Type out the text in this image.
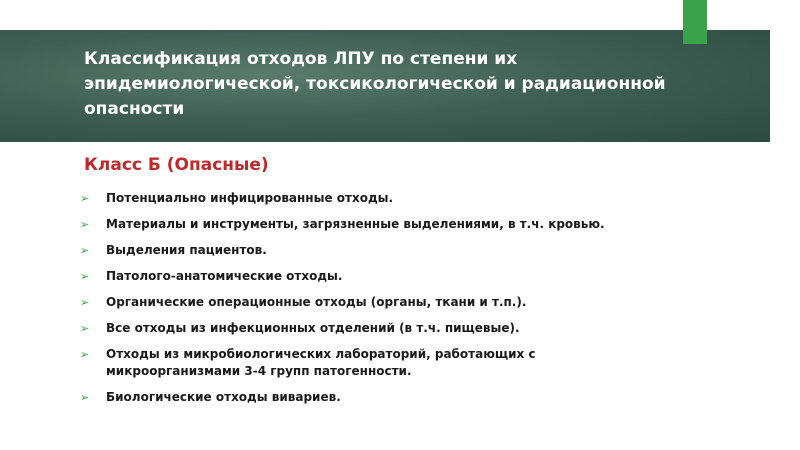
Классификация отходов ЛПУ по степени их эпидемиологической, токсикологической и радиационной опасности
Класс Б (Опасные)
➢ Потенциально инфицированные отходы.
➢ Материалы и инструменты, загрязненные выделениями, в т.ч. кровью.
➢ Выделения пациентов.
➢ Патолого-анатомические отходы.
➢ Органические операционные отходы (органы, ткани и т.п.).
➢ Все отходы из инфекционных отделений (в т.ч. пищевые).
➢ Отходы из микробиологических лабораторий, работающих с микроорганизмами 3-4 групп патогенности.
➢ Биологические отходы вивариев.
